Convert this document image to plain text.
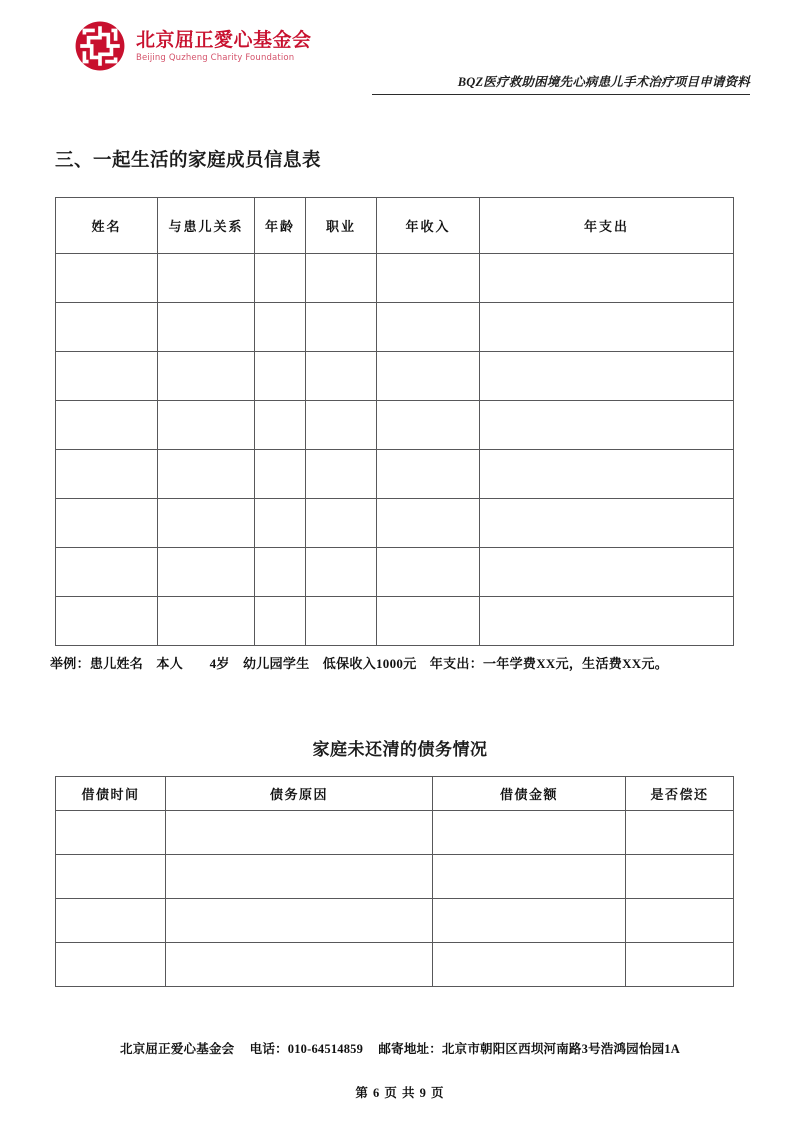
北京屈正愛心基金会
Beijing Quzheng Charity Foundation
BQZ医疗救助困境先心病患儿手术治疗项目申请资料
三、一起生活的家庭成员信息表
姓名	与患儿关系	年龄	职业	年收入	年支出

举例：患儿姓名　本人　　4岁　幼儿园学生　低保收入1000元　年支出：一年学费XX元，生活费XX元。
家庭未还清的债务情况
借债时间	债务原因	借债金额	是否偿还

北京屈正爱心基金会 电话：010-64514859 邮寄地址：北京市朝阳区西坝河南路3号浩鸿园怡园1A
第 6 页 共 9 页
